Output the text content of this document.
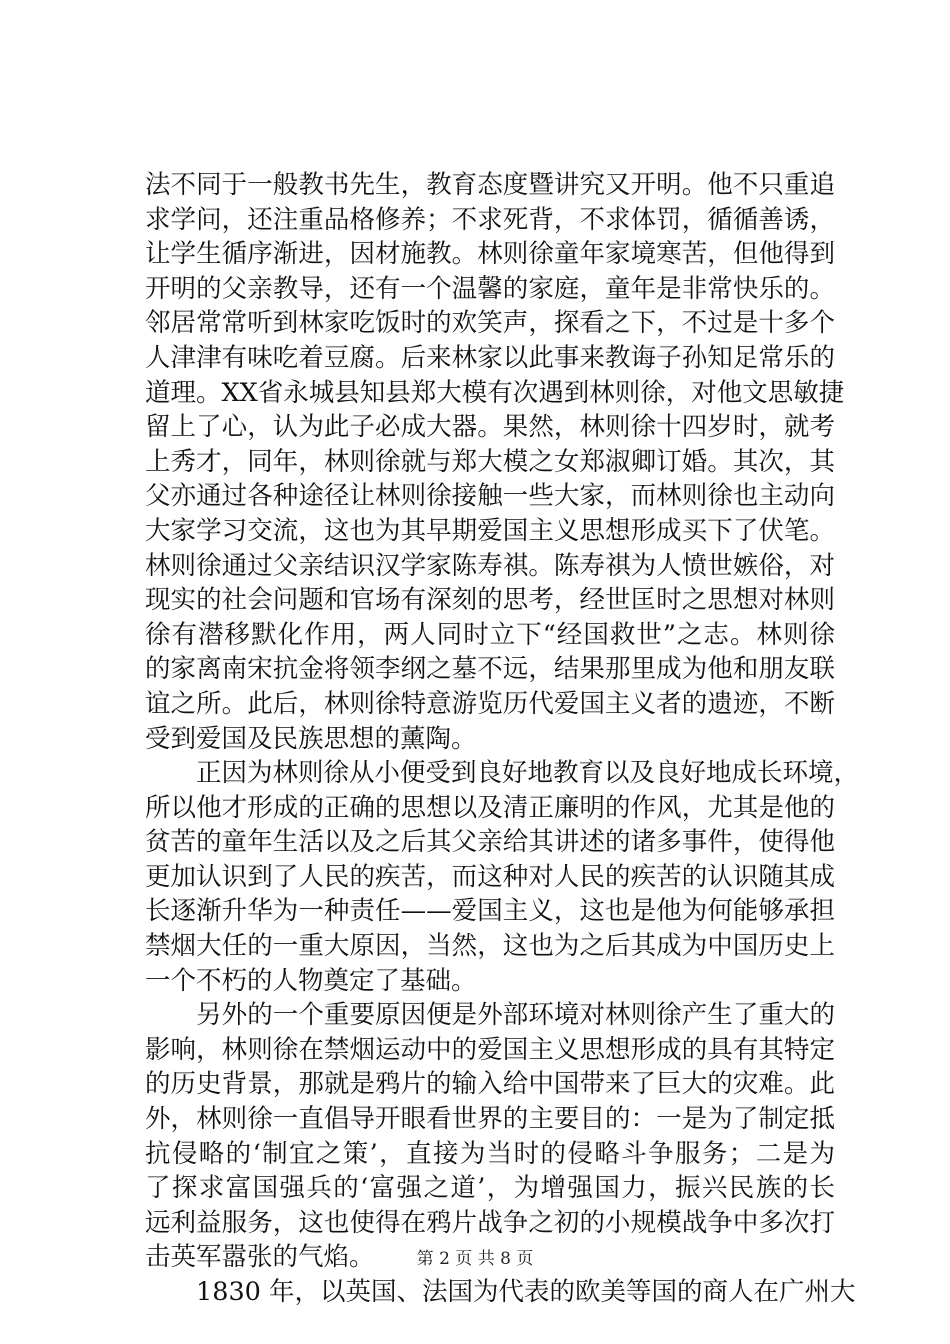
法不同于一般教书先生，教育态度暨讲究又开明。他不只重追
求学问，还注重品格修养；不求死背，不求体罚，循循善诱，
让学生循序渐进，因材施教。林则徐童年家境寒苦，但他得到
开明的父亲教导，还有一个温馨的家庭，童年是非常快乐的。
邻居常常听到林家吃饭时的欢笑声，探看之下，不过是十多个
人津津有味吃着豆腐。后来林家以此事来教诲子孙知足常乐的
道理。XX省永城县知县郑大模有次遇到林则徐，对他文思敏捷
留上了心，认为此子必成大器。果然，林则徐十四岁时，就考
上秀才，同年，林则徐就与郑大模之女郑淑卿订婚。其次，其
父亦通过各种途径让林则徐接触一些大家，而林则徐也主动向
大家学习交流，这也为其早期爱国主义思想形成买下了伏笔。
林则徐通过父亲结识汉学家陈寿祺。陈寿祺为人愤世嫉俗，对
现实的社会问题和官场有深刻的思考，经世匡时之思想对林则
徐有潜移默化作用，两人同时立下“经国救世”之志。林则徐
的家离南宋抗金将领李纲之墓不远，结果那里成为他和朋友联
谊之所。此后，林则徐特意游览历代爱国主义者的遗迹，不断
受到爱国及民族思想的薰陶。
　　正因为林则徐从小便受到良好地教育以及良好地成长环境，
所以他才形成的正确的思想以及清正廉明的作风，尤其是他的
贫苦的童年生活以及之后其父亲给其讲述的诸多事件，使得他
更加认识到了人民的疾苦，而这种对人民的疾苦的认识随其成
长逐渐升华为一种责任——爱国主义，这也是他为何能够承担
禁烟大任的一重大原因，当然，这也为之后其成为中国历史上
一个不朽的人物奠定了基础。
　　另外的一个重要原因便是外部环境对林则徐产生了重大的
影响，林则徐在禁烟运动中的爱国主义思想形成的具有其特定
的历史背景，那就是鸦片的输入给中国带来了巨大的灾难。此
外，林则徐一直倡导开眼看世界的主要目的：一是为了制定抵
抗侵略的‘制宜之策’，直接为当时的侵略斗争服务；二是为
了探求富国强兵的‘富强之道’，为增强国力，振兴民族的长
远利益服务，这也使得在鸦片战争之初的小规模战争中多次打
击英军嚣张的气焰。
　　1830 年，以英国、法国为代表的欧美等国的商人在广州大
第 2 页 共 8 页
